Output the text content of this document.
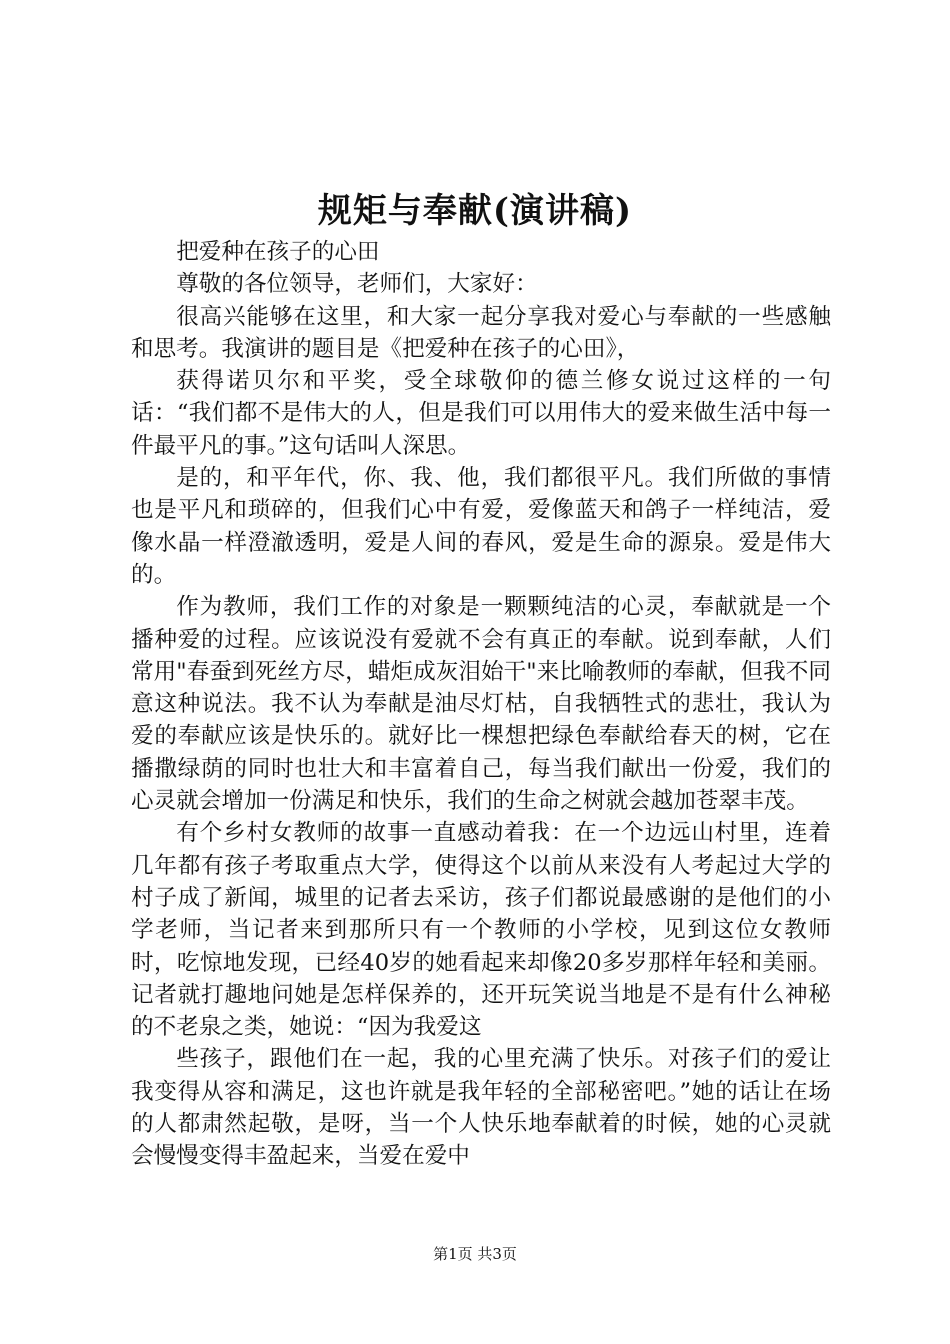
规矩与奉献(演讲稿)

把爱种在孩子的心田

尊敬的各位领导，老师们，大家好：

很高兴能够在这里，和大家一起分享我对爱心与奉献的一些感触和思考。我演讲的题目是《把爱种在孩子的心田》，

获得诺贝尔和平奖，受全球敬仰的德兰修女说过这样的一句话：“我们都不是伟大的人，但是我们可以用伟大的爱来做生活中每一件最平凡的事。”这句话叫人深思。

是的，和平年代，你、我、他，我们都很平凡。我们所做的事情也是平凡和琐碎的，但我们心中有爱，爱像蓝天和鸽子一样纯洁，爱像水晶一样澄澈透明，爱是人间的春风，爱是生命的源泉。爱是伟大的。

作为教师，我们工作的对象是一颗颗纯洁的心灵，奉献就是一个播种爱的过程。应该说没有爱就不会有真正的奉献。说到奉献，人们常用"春蚕到死丝方尽，蜡炬成灰泪始干"来比喻教师的奉献，但我不同意这种说法。我不认为奉献是油尽灯枯，自我牺牲式的悲壮，我认为爱的奉献应该是快乐的。就好比一棵想把绿色奉献给春天的树，它在播撒绿荫的同时也壮大和丰富着自己，每当我们献出一份爱，我们的心灵就会增加一份满足和快乐，我们的生命之树就会越加苍翠丰茂。

有个乡村女教师的故事一直感动着我：在一个边远山村里，连着几年都有孩子考取重点大学，使得这个以前从来没有人考起过大学的村子成了新闻，城里的记者去采访，孩子们都说最感谢的是他们的小学老师，当记者来到那所只有一个教师的小学校，见到这位女教师时，吃惊地发现，已经40岁的她看起来却像20多岁那样年轻和美丽。记者就打趣地问她是怎样保养的，还开玩笑说当地是不是有什么神秘的不老泉之类，她说：“因为我爱这

些孩子，跟他们在一起，我的心里充满了快乐。对孩子们的爱让我变得从容和满足，这也许就是我年轻的全部秘密吧。”她的话让在场的人都肃然起敬，是呀，当一个人快乐地奉献着的时候，她的心灵就会慢慢变得丰盈起来，当爱在爱中

第1页 共3页
